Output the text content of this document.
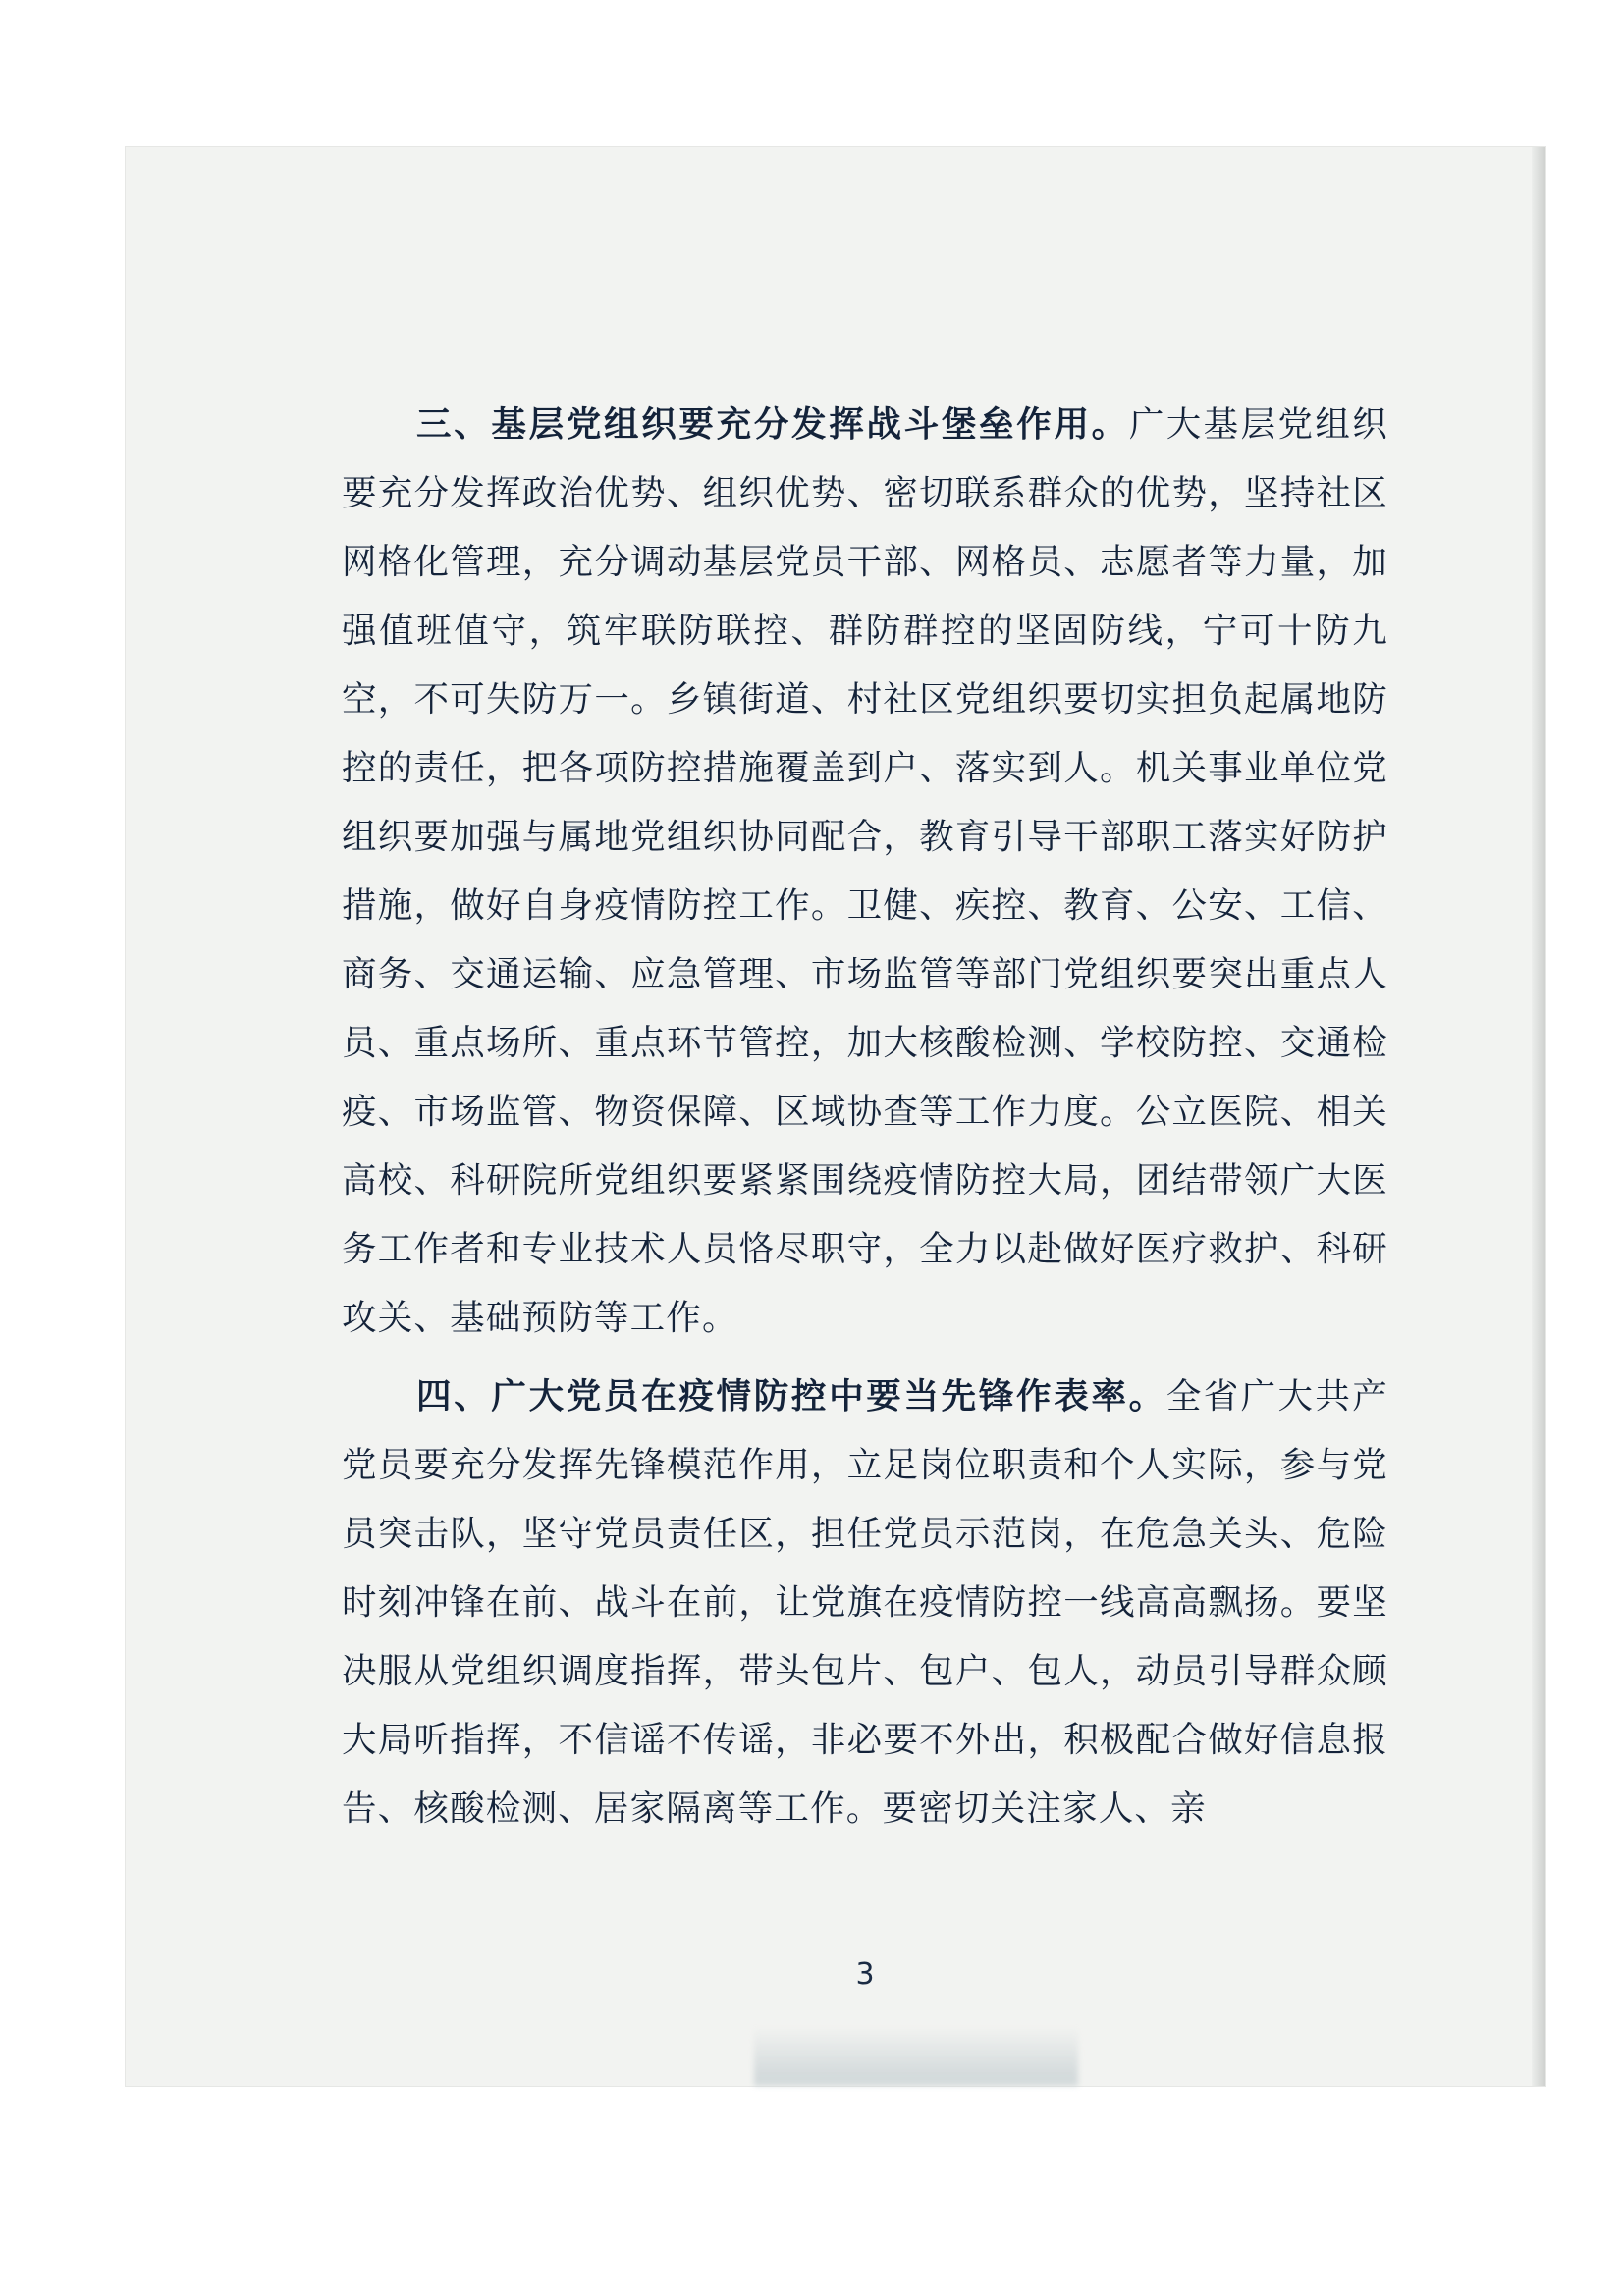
三、基层党组织要充分发挥战斗堡垒作用。广大基层党组织要充分发挥政治优势、组织优势、密切联系群众的优势，坚持社区网格化管理，充分调动基层党员干部、网格员、志愿者等力量，加强值班值守，筑牢联防联控、群防群控的坚固防线，宁可十防九空，不可失防万一。乡镇街道、村社区党组织要切实担负起属地防控的责任，把各项防控措施覆盖到户、落实到人。机关事业单位党组织要加强与属地党组织协同配合，教育引导干部职工落实好防护措施，做好自身疫情防控工作。卫健、疾控、教育、公安、工信、商务、交通运输、应急管理、市场监管等部门党组织要突出重点人员、重点场所、重点环节管控，加大核酸检测、学校防控、交通检疫、市场监管、物资保障、区域协查等工作力度。公立医院、相关高校、科研院所党组织要紧紧围绕疫情防控大局，团结带领广大医务工作者和专业技术人员恪尽职守，全力以赴做好医疗救护、科研攻关、基础预防等工作。

四、广大党员在疫情防控中要当先锋作表率。全省广大共产党员要充分发挥先锋模范作用，立足岗位职责和个人实际，参与党员突击队，坚守党员责任区，担任党员示范岗，在危急关头、危险时刻冲锋在前、战斗在前，让党旗在疫情防控一线高高飘扬。要坚决服从党组织调度指挥，带头包片、包户、包人，动员引导群众顾大局听指挥，不信谣不传谣，非必要不外出，积极配合做好信息报告、核酸检测、居家隔离等工作。要密切关注家人、亲

3
